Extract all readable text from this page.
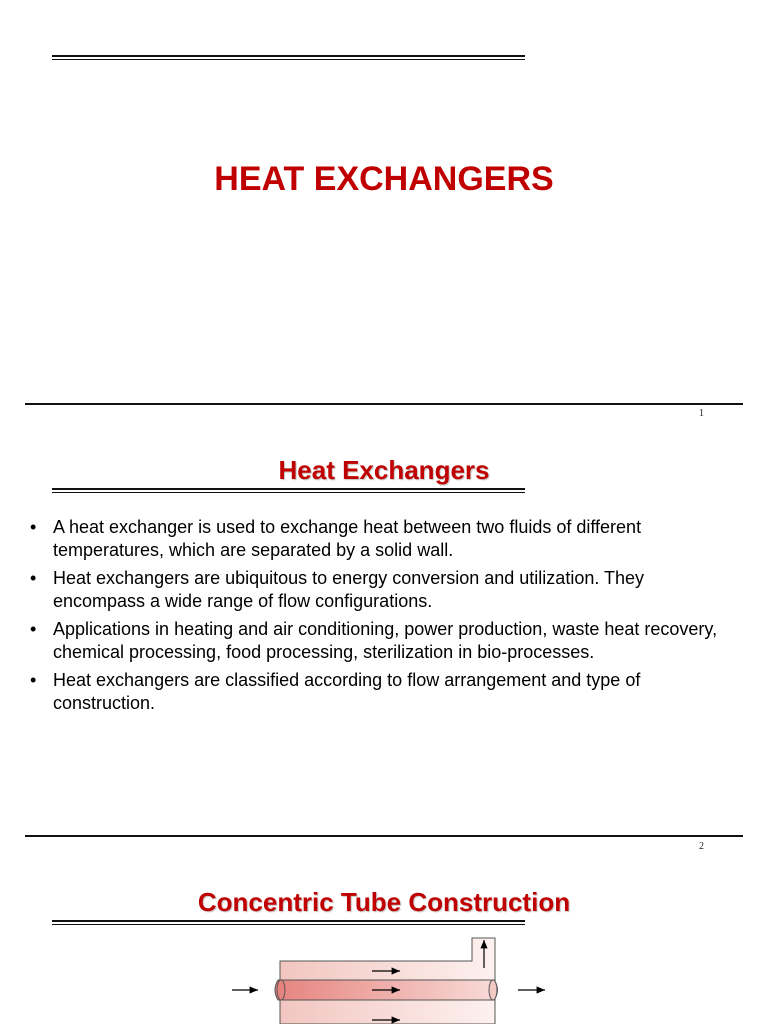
HEAT EXCHANGERS
1
Heat Exchangers
• A heat exchanger is used to exchange heat between two fluids of different temperatures, which are separated by a solid wall.
• Heat exchangers are ubiquitous to energy conversion and utilization. They encompass a wide range of flow configurations.
• Applications in heating and air conditioning, power production, waste heat recovery, chemical processing, food processing, sterilization in bio-processes.
• Heat exchangers are classified according to flow arrangement and type of construction.
2
Concentric Tube Construction
